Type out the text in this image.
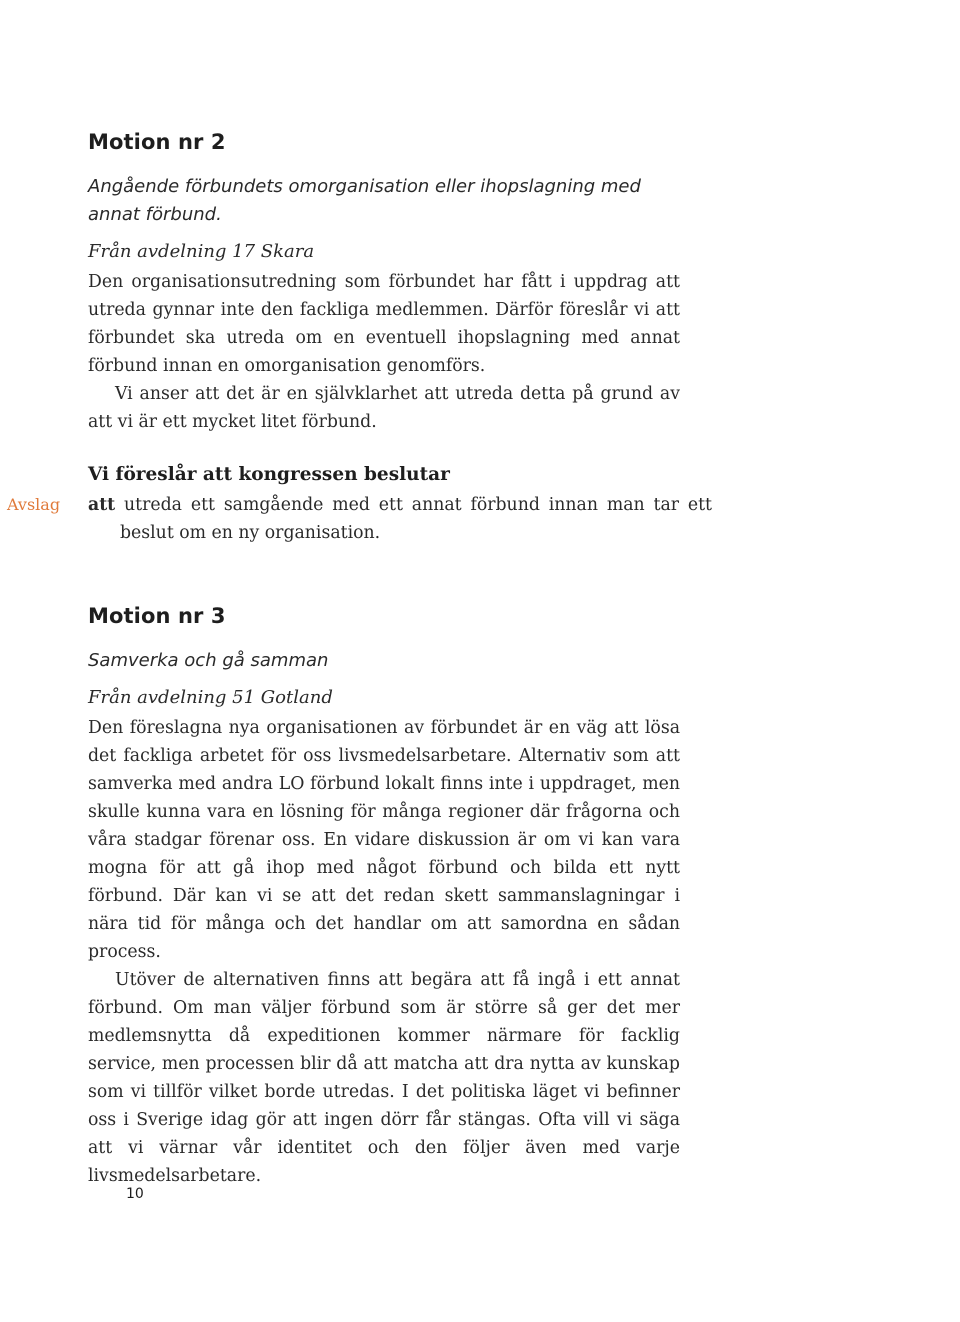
Motion nr 2

Angående förbundets omorganisation eller ihopslagning med annat förbund.

Från avdelning 17 Skara

Den organisationsutredning som förbundet har fått i uppdrag att utreda gynnar inte den fackliga medlemmen. Därför föreslår vi att förbundet ska utreda om en eventuell ihopslagning med annat förbund innan en omorganisation genomförs.

Vi anser att det är en självklarhet att utreda detta på grund av att vi är ett mycket litet förbund.

Vi föreslår att kongressen beslutar
Avslag att utreda ett samgående med ett annat förbund innan man tar ett beslut om en ny organisation.

Motion nr 3

Samverka och gå samman

Från avdelning 51 Gotland

Den föreslagna nya organisationen av förbundet är en väg att lösa det fackliga arbetet för oss livsmedelsarbetare. Alternativ som att samverka med andra LO förbund lokalt finns inte i uppdraget, men skulle kunna vara en lösning för många regioner där frågorna och våra stadgar förenar oss. En vidare diskussion är om vi kan vara mogna för att gå ihop med något förbund och bilda ett nytt förbund. Där kan vi se att det redan skett sammanslagningar i nära tid för många och det handlar om att samordna en sådan process.

Utöver de alternativen finns att begära att få ingå i ett annat förbund. Om man väljer förbund som är större så ger det mer medlemsnytta då expeditionen kommer närmare för facklig service, men processen blir då att matcha att dra nytta av kunskap som vi tillför vilket borde utredas. I det politiska läget vi befinner oss i Sverige idag gör att ingen dörr får stängas. Ofta vill vi säga att vi värnar vår identitet och den följer även med varje livsmedelsarbetare.

10
